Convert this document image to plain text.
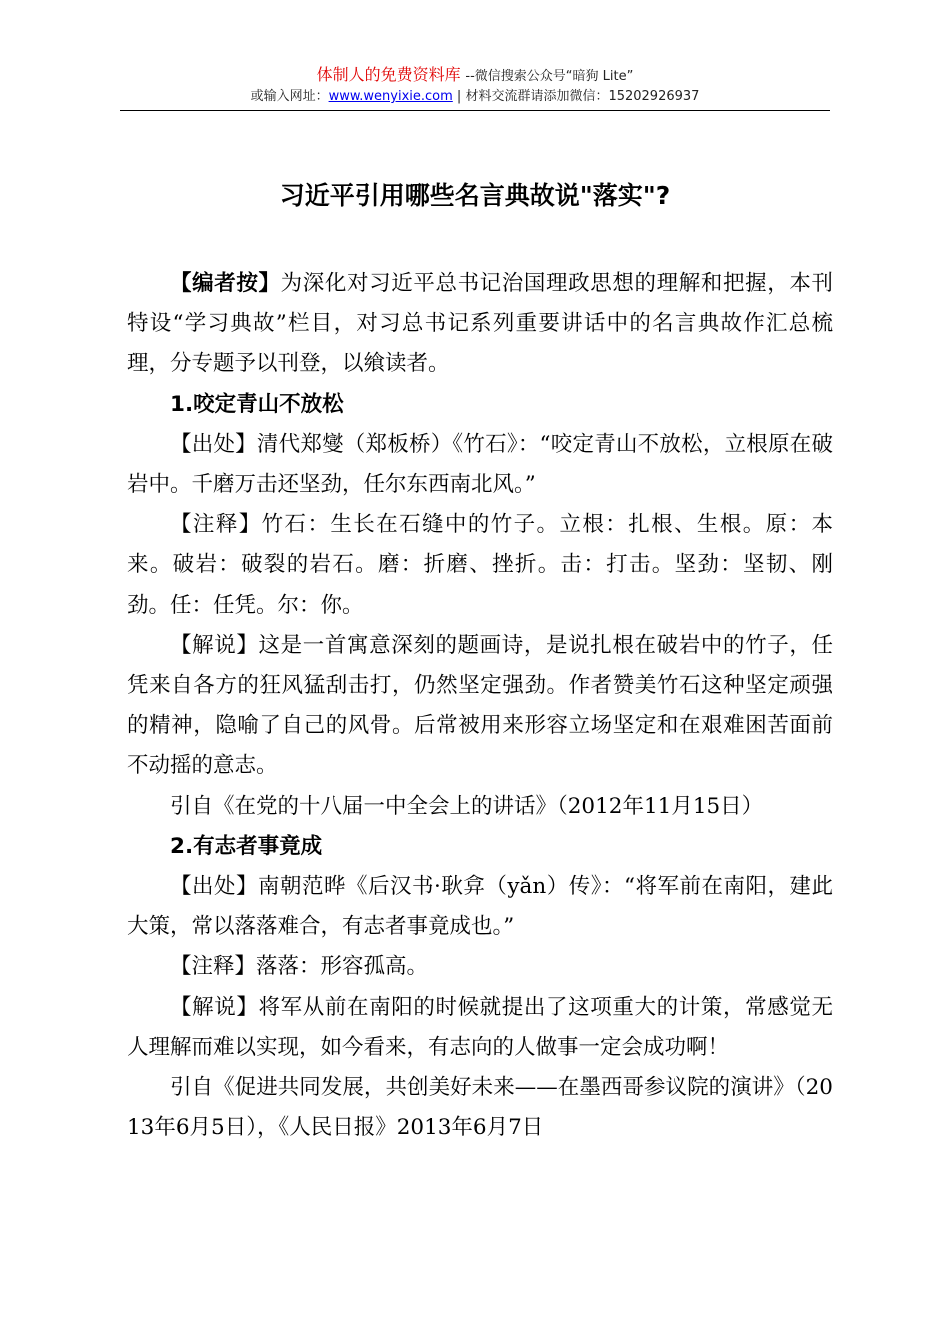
体制人的免费资料库 --微信搜索公众号“暗狗 Lite”
或输入网址：www.wenyixie.com | 材料交流群请添加微信：15202926937
习近平引用哪些名言典故说"落实"?

【编者按】为深化对习近平总书记治国理政思想的理解和把握，本刊特设“学习典故”栏目，对习总书记系列重要讲话中的名言典故作汇总梳理，分专题予以刊登，以飨读者。

1.咬定青山不放松

【出处】清代郑燮（郑板桥）《竹石》：“咬定青山不放松，立根原在破岩中。千磨万击还坚劲，任尔东西南北风。”

【注释】竹石：生长在石缝中的竹子。立根：扎根、生根。原：本来。破岩：破裂的岩石。磨：折磨、挫折。击：打击。坚劲：坚韧、刚劲。任：任凭。尔：你。

【解说】这是一首寓意深刻的题画诗，是说扎根在破岩中的竹子，任凭来自各方的狂风猛刮击打，仍然坚定强劲。作者赞美竹石这种坚定顽强的精神，隐喻了自己的风骨。后常被用来形容立场坚定和在艰难困苦面前不动摇的意志。

引自《在党的十八届一中全会上的讲话》（2012年11月15日）

2.有志者事竟成

【出处】南朝范晔《后汉书·耿弇（yǎn）传》：“将军前在南阳，建此大策，常以落落难合，有志者事竟成也。”

【注释】落落：形容孤高。

【解说】将军从前在南阳的时候就提出了这项重大的计策，常感觉无人理解而难以实现，如今看来，有志向的人做事一定会成功啊！

引自《促进共同发展，共创美好未来——在墨西哥参议院的演讲》（2013年6月5日），《人民日报》2013年6月7日
